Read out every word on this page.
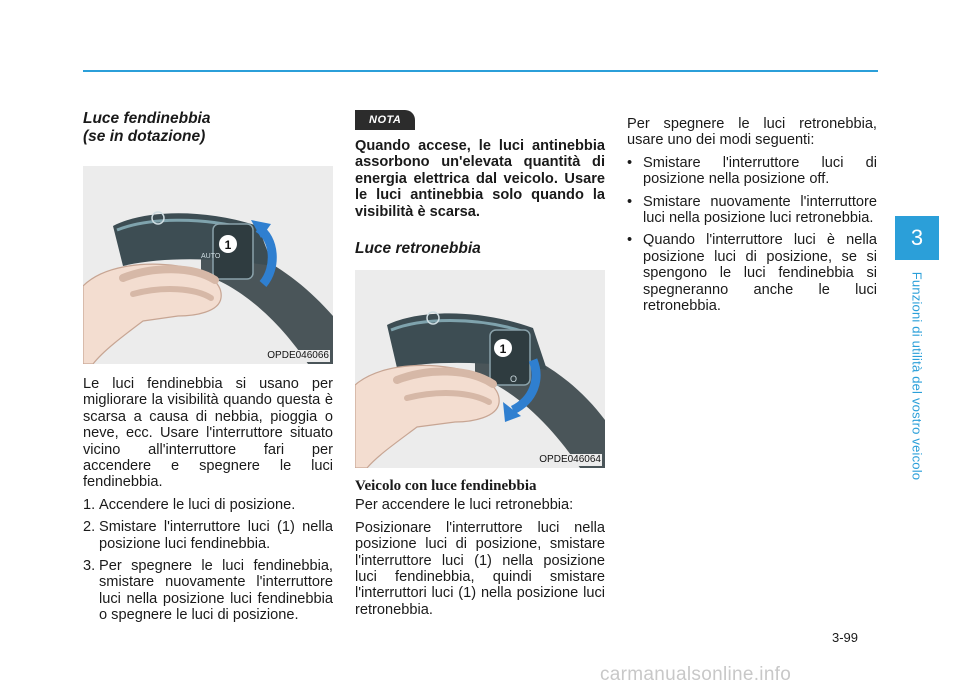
Luce fendinebbia
(se in dotazione)

1
AUTO
OPDE046066

Le luci fendinebbia si usano per migliorare la visibilità quando questa è scarsa a causa di nebbia, pioggia o neve, ecc. Usare l'interruttore situato vicino all'interruttore fari per accendere e spegnere le luci fendinebbia.

1. Accendere le luci di posizione.
2. Smistare l'interruttore luci (1) nella posizione luci fendinebbia.
3. Per spegnere le luci fendinebbia, smistare nuovamente l'interruttore luci nella posizione luci fendinebbia o spegnere le luci di posizione.
NOTA

Quando accese, le luci antinebbia assorbono un'elevata quantità di energia elettrica dal veicolo. Usare le luci antinebbia solo quando la visibilità è scarsa.

Luce retronebbia

1
O
OPDE046064

Veicolo con luce fendinebbia

Per accendere le luci retronebbia:

Posizionare l'interruttore luci nella posizione luci di posizione, smistare l'interruttore luci (1) nella posizione luci fendinebbia, quindi smistare l'interruttori luci (1) nella posizione luci retronebbia.

Per spegnere le luci retronebbia, usare uno dei modi seguenti:

• Smistare l'interruttore luci di posizione nella posizione off.
• Smistare nuovamente l'interruttore luci nella posizione luci retronebbia.
• Quando l'interruttore luci è nella posizione luci di posizione, se si spengono le luci fendinebbia si spegneranno anche le luci retronebbia.
3
Funzioni di utilità del vostro veicolo
3-99
carmanualsonline.info
